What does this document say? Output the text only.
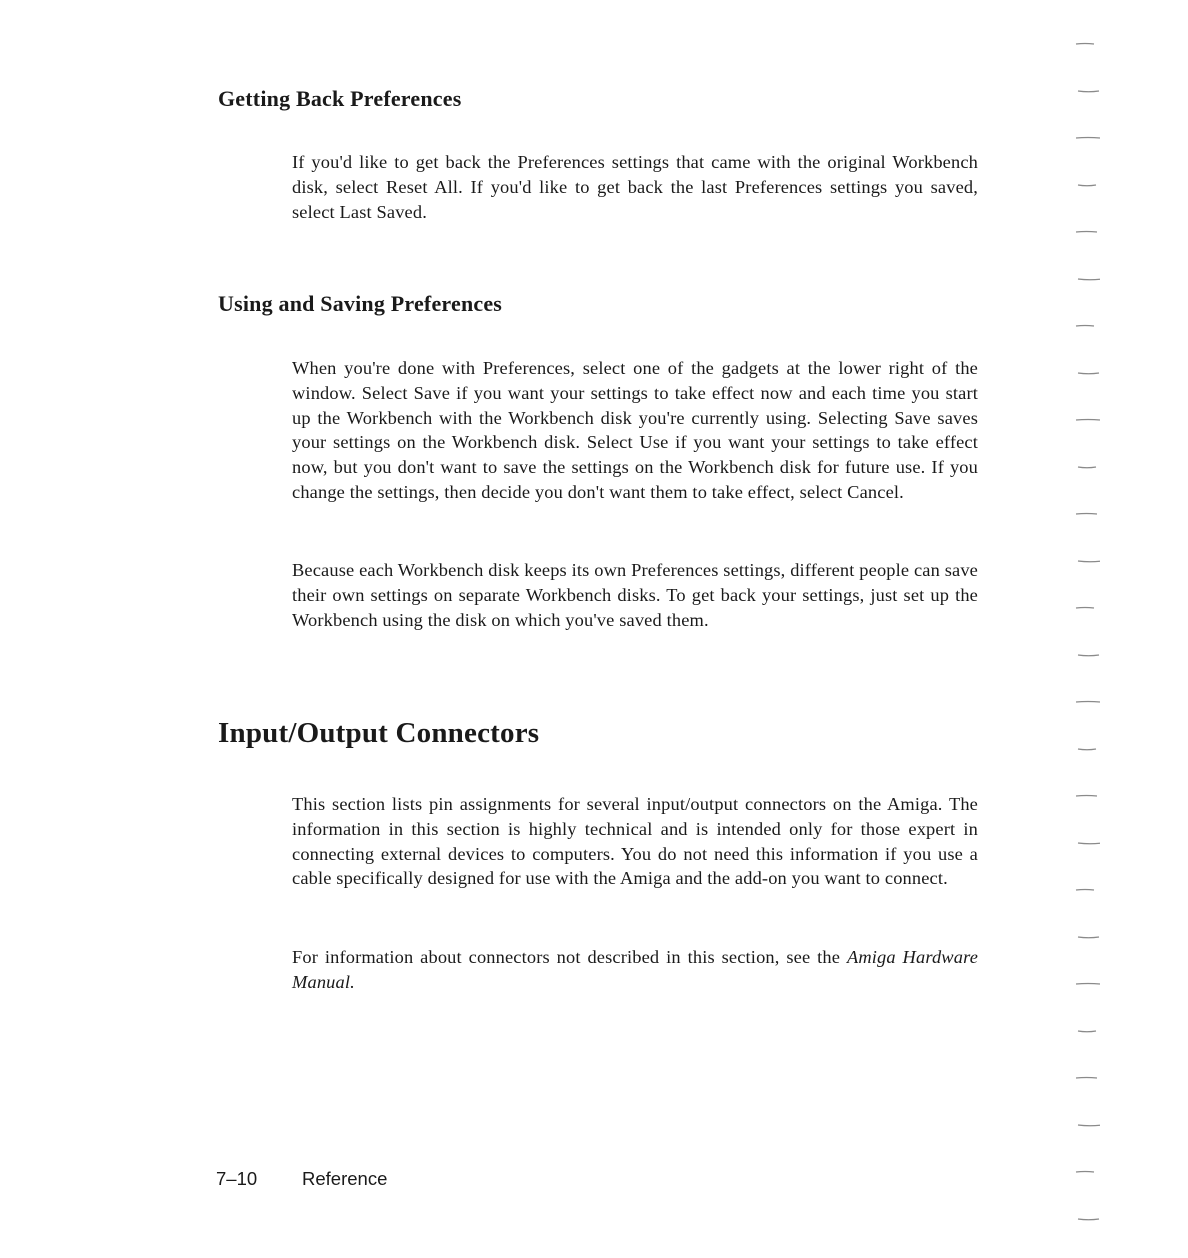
Getting Back Preferences

If you'd like to get back the Preferences settings that came with the original Workbench disk, select Reset All. If you'd like to get back the last Preferences settings you saved, select Last Saved.

Using and Saving Preferences

When you're done with Preferences, select one of the gadgets at the lower right of the window. Select Save if you want your settings to take effect now and each time you start up the Workbench with the Workbench disk you're currently using. Selecting Save saves your settings on the Workbench disk. Select Use if you want your settings to take effect now, but you don't want to save the settings on the Workbench disk for future use. If you change the settings, then decide you don't want them to take effect, select Cancel.

Because each Workbench disk keeps its own Preferences settings, different people can save their own settings on separate Workbench disks. To get back your settings, just set up the Workbench using the disk on which you've saved them.

Input/Output Connectors

This section lists pin assignments for several input/output connectors on the Amiga. The information in this section is highly technical and is intended only for those expert in connecting external devices to computers. You do not need this information if you use a cable specifically designed for use with the Amiga and the add-on you want to connect.

For information about connectors not described in this section, see the Amiga Hardware Manual.

7–10 Reference
